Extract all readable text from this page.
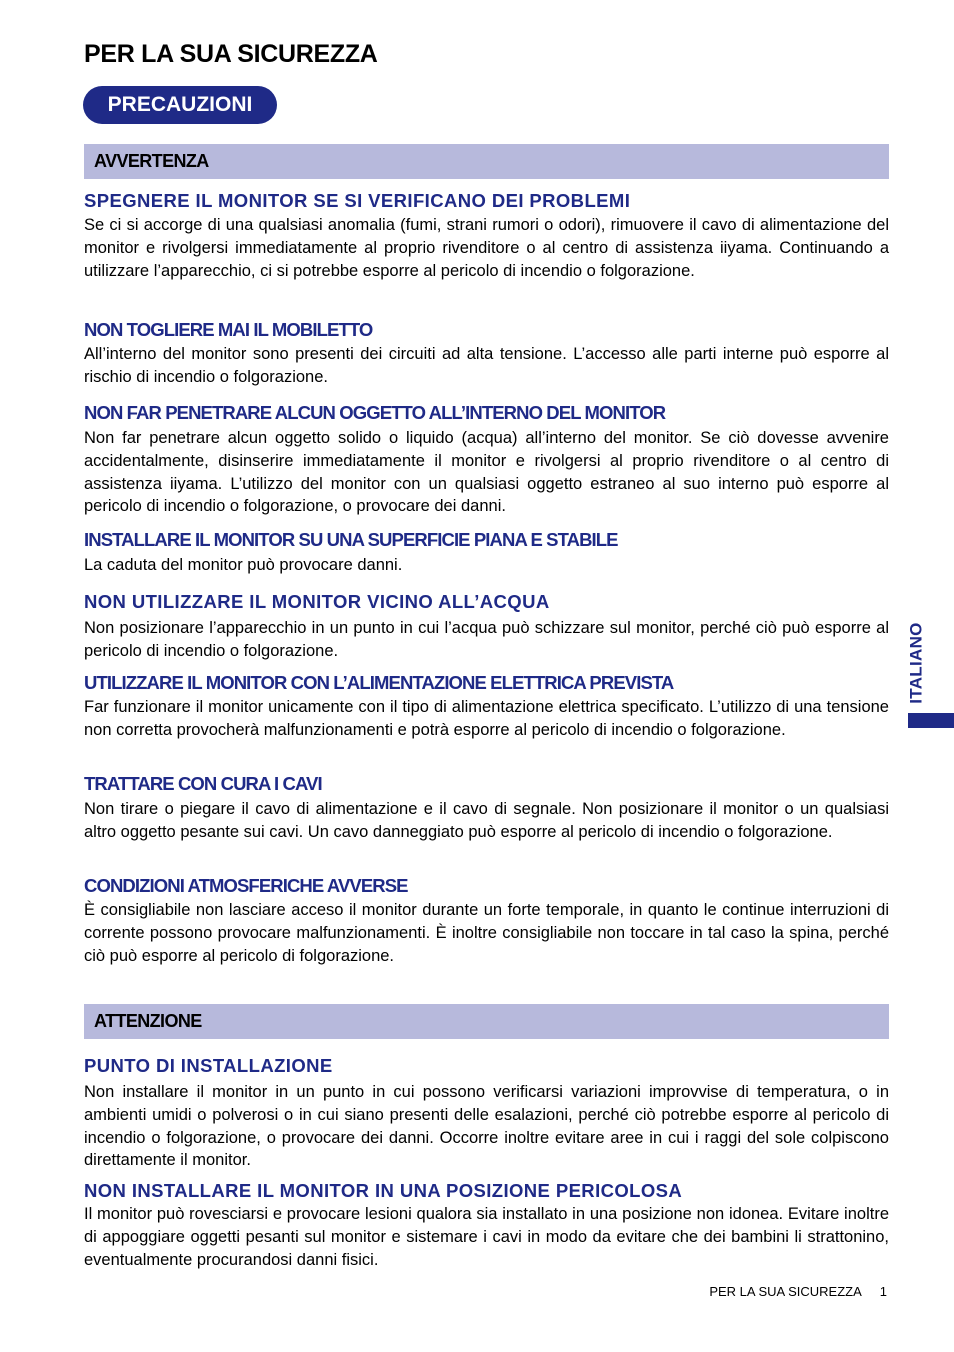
PER LA SUA SICUREZZA
PRECAUZIONI
AVVERTENZA
SPEGNERE IL MONITOR SE SI VERIFICANO DEI PROBLEMI
Se ci si accorge di una qualsiasi anomalia (fumi, strani rumori o odori), rimuovere il cavo di alimentazione del monitor e rivolgersi immediatamente al proprio rivenditore o al centro di assistenza iiyama. Continuando a utilizzare l’apparecchio, ci si potrebbe esporre al pericolo di incendio o folgorazione.
NON TOGLIERE MAI IL MOBILETTO
All’interno del monitor sono presenti dei circuiti ad alta tensione. L’accesso alle parti interne può esporre al rischio di incendio o folgorazione.
NON FAR PENETRARE ALCUN OGGETTO ALL’INTERNO DEL MONITOR
Non far penetrare alcun oggetto solido o liquido (acqua) all’interno del monitor. Se ciò dovesse avvenire accidentalmente, disinserire immediatamente il monitor e rivolgersi al proprio rivenditore o al centro di assistenza iiyama. L’utilizzo del monitor con un qualsiasi oggetto estraneo al suo interno può esporre al pericolo di incendio o folgorazione, o provocare dei danni.
INSTALLARE IL MONITOR SU UNA SUPERFICIE PIANA E STABILE
La caduta del monitor può provocare danni.
NON UTILIZZARE IL MONITOR VICINO ALL’ACQUA
Non posizionare l’apparecchio in un punto in cui l’acqua può schizzare sul monitor, perché ciò può esporre al pericolo di incendio o folgorazione.
UTILIZZARE IL MONITOR CON L’ALIMENTAZIONE ELETTRICA PREVISTA
Far funzionare il monitor unicamente con il tipo di alimentazione elettrica specificato. L’utilizzo di una tensione non corretta provocherà malfunzionamenti e potrà esporre al pericolo di incendio o folgorazione.
TRATTARE CON CURA I CAVI
Non tirare o piegare il cavo di alimentazione e il cavo di segnale. Non posizionare il monitor o un qualsiasi altro oggetto pesante sui cavi. Un cavo danneggiato può esporre al pericolo di incendio o folgorazione.
CONDIZIONI ATMOSFERICHE AVVERSE
È consigliabile non lasciare acceso il monitor durante un forte temporale, in quanto le continue interruzioni di corrente possono provocare malfunzionamenti. È inoltre consigliabile non toccare in tal caso la spina, perché ciò può esporre al pericolo di folgorazione.
ATTENZIONE
PUNTO DI INSTALLAZIONE
Non installare il monitor in un punto in cui possono verificarsi variazioni improvvise di temperatura, o in ambienti umidi o polverosi o in cui siano presenti delle esalazioni, perché ciò potrebbe esporre al pericolo di incendio o folgorazione, o provocare dei danni. Occorre inoltre evitare aree in cui i raggi del sole colpiscono direttamente il monitor.
NON INSTALLARE IL MONITOR IN UNA POSIZIONE PERICOLOSA
Il monitor può rovesciarsi e provocare lesioni qualora sia installato in una posizione non idonea. Evitare inoltre di appoggiare oggetti pesanti sul monitor e sistemare i cavi in modo da evitare che dei bambini li strattonino, eventualmente procurandosi danni fisici.
ITALIANO
PER LA SUA SICUREZZA 1
